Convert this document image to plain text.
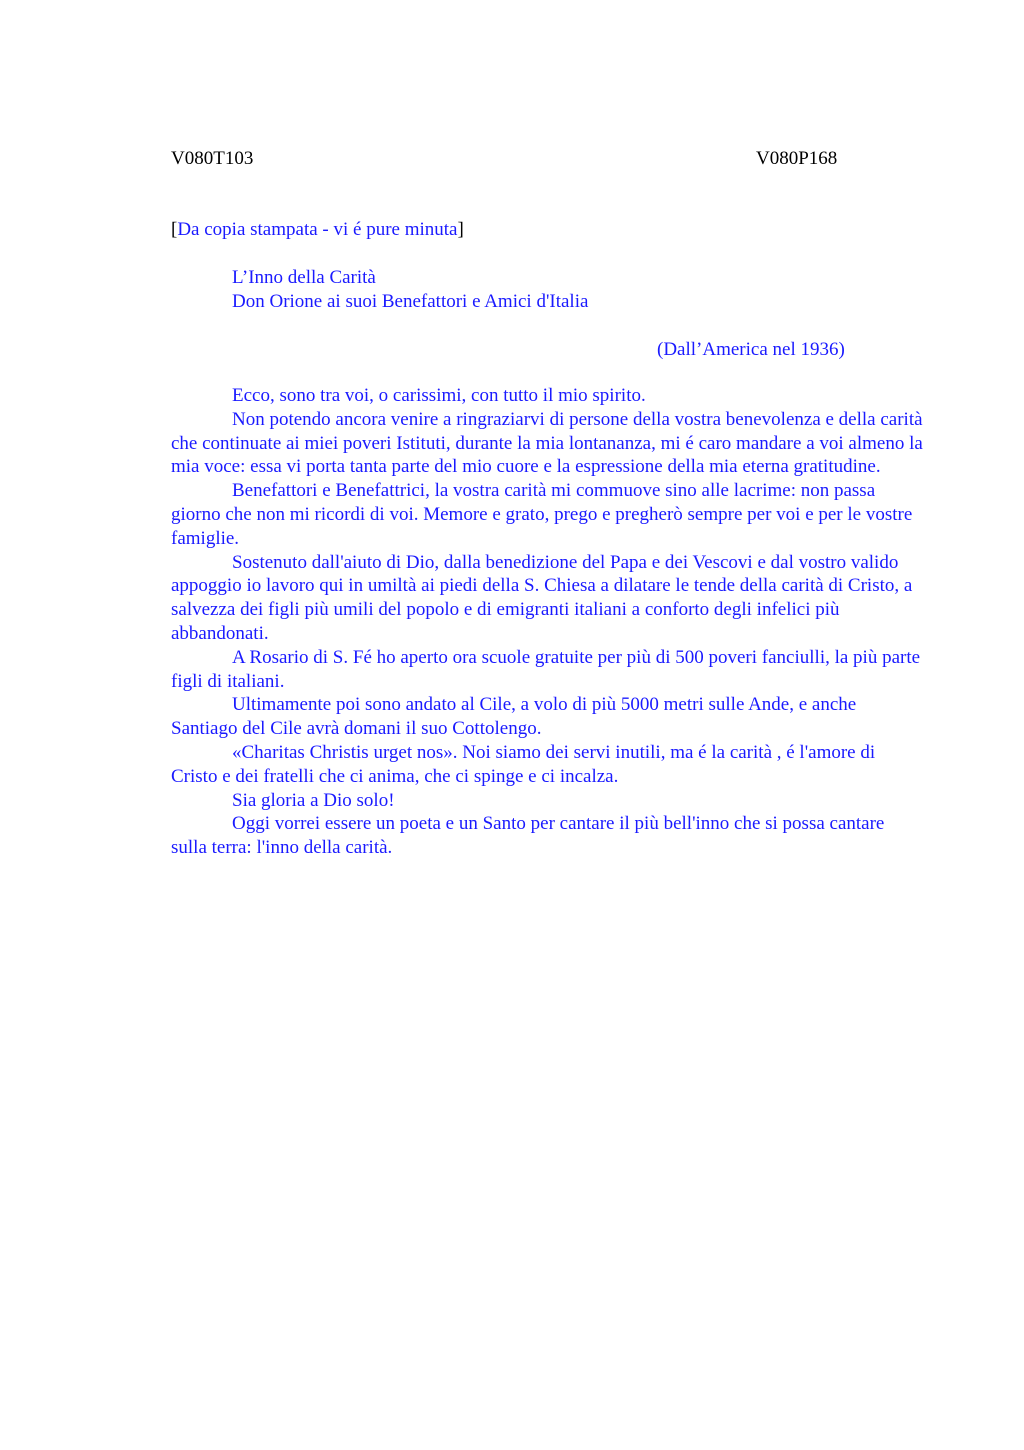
V080T103	V080P168
[Da copia stampata - vi é pure minuta]
L’Inno della Carità
Don Orione ai suoi Benefattori e Amici d'Italia
(Dall’America nel 1936)

Ecco, sono tra voi, o carissimi, con tutto il mio spirito.

Non potendo ancora venire a ringraziarvi di persone della vostra benevolenza e della carità che continuate ai miei poveri Istituti, durante la mia lontananza, mi é caro mandare a voi almeno la mia voce: essa vi porta tanta parte del mio cuore e la espressione della mia eterna gratitudine.

Benefattori e Benefattrici, la vostra carità mi commuove sino alle lacrime: non passa giorno che non mi ricordi di voi. Memore e grato, prego e pregherò sempre per voi e per le vostre famiglie.

Sostenuto dall'aiuto di Dio, dalla benedizione del Papa e dei Vescovi e dal vostro valido appoggio io lavoro qui in umiltà ai piedi della S. Chiesa a dilatare le tende della carità di Cristo, a salvezza dei figli più umili del popolo e di emigranti italiani a conforto degli infelici più abbandonati.

A Rosario di S. Fé ho aperto ora scuole gratuite per più di 500 poveri fanciulli, la più parte figli di italiani.

Ultimamente poi sono andato al Cile, a volo di più 5000 metri sulle Ande, e anche Santiago del Cile avrà domani il suo Cottolengo.

«Charitas Christis urget nos». Noi siamo dei servi inutili, ma é la carità , é l'amore di Cristo e dei fratelli che ci anima, che ci spinge e ci incalza.

Sia gloria a Dio solo!

Oggi vorrei essere un poeta e un Santo per cantare il più bell'inno che si possa cantare sulla terra: l'inno della carità.
